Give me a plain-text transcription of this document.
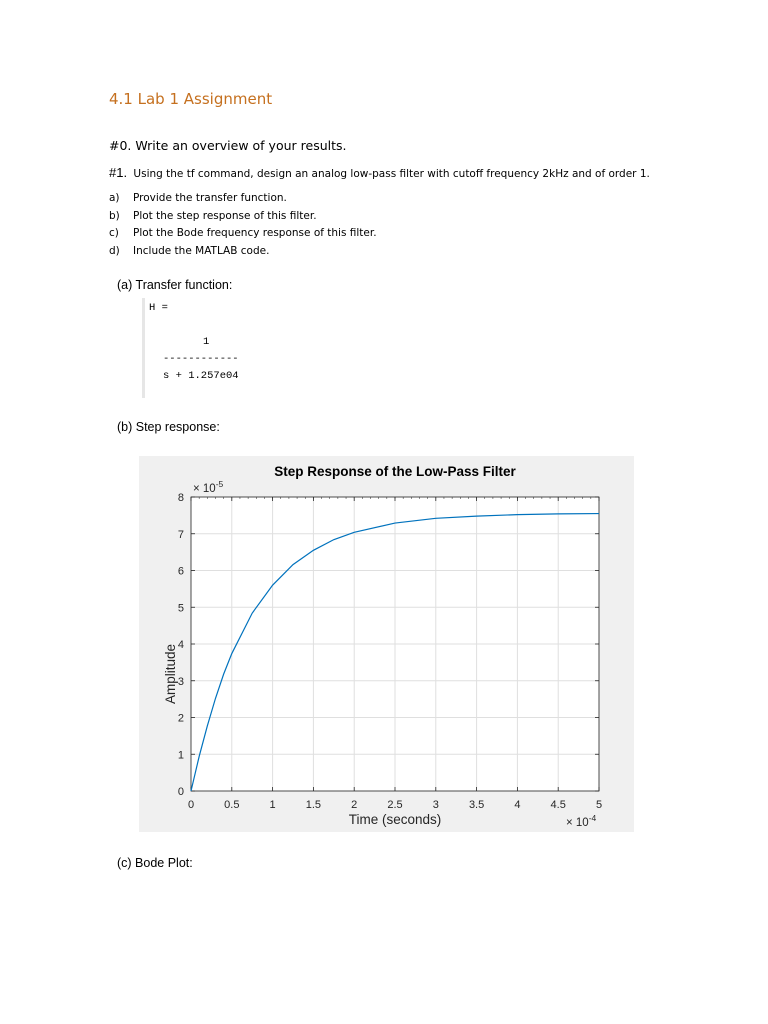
4.1 Lab 1 Assignment
#0. Write an overview of your results.
#1. Using the tf command, design an analog low-pass filter with cutoff frequency 2kHz and of order 1.
a)	Provide the transfer function.
b)	Plot the step response of this filter.
c)	Plot the Bode frequency response of this filter.
d)	Include the MATLAB code.
(a) Transfer function:
H =
1
------------
s + 1.257e04
(b) Step response:
0	0.5	1	1.5	2	2.5	3	3.5	4	4.5	5
0
1
2
3
4
5
6
7
8
Step Response of the Low-Pass Filter
Time (seconds)
Amplitude
× $10^{-5}$
× $10^{-4}$
(c) Bode Plot:
